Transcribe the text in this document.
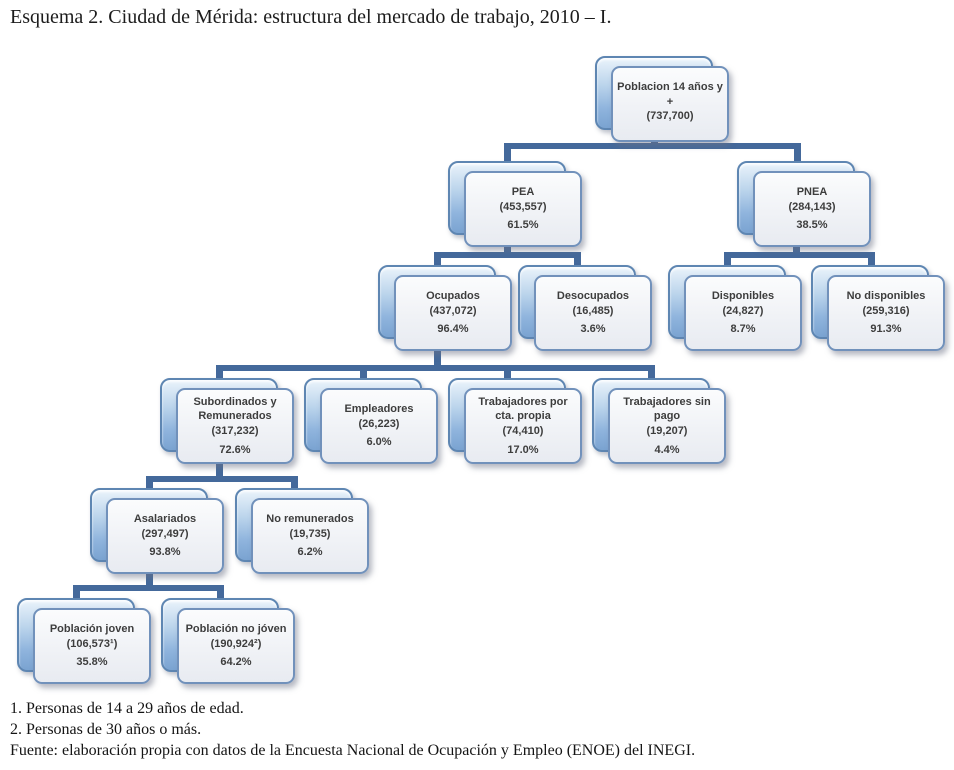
Esquema 2. Ciudad de Mérida: estructura del mercado de trabajo, 2010 – I.
Poblacion 14 años y +
(737,700)
PEA
(453,557)
61.5%
PNEA
(284,143)
38.5%
Ocupados
(437,072)
96.4%
Desocupados
(16,485)
3.6%
Disponibles
(24,827)
8.7%
No disponibles
(259,316)
91.3%
Subordinados y Remunerados
(317,232)
72.6%
Empleadores
(26,223)
6.0%
Trabajadores por cta. propia
(74,410)
17.0%
Trabajadores sin pago
(19,207)
4.4%
Asalariados
(297,497)
93.8%
No remunerados
(19,735)
6.2%
Población joven
(106,573¹)
35.8%
Población no jóven
(190,924²)
64.2%
1. Personas de 14 a 29 años de edad.
2. Personas de 30 años o más.
Fuente: elaboración propia con datos de la Encuesta Nacional de Ocupación y Empleo (ENOE) del INEGI.
